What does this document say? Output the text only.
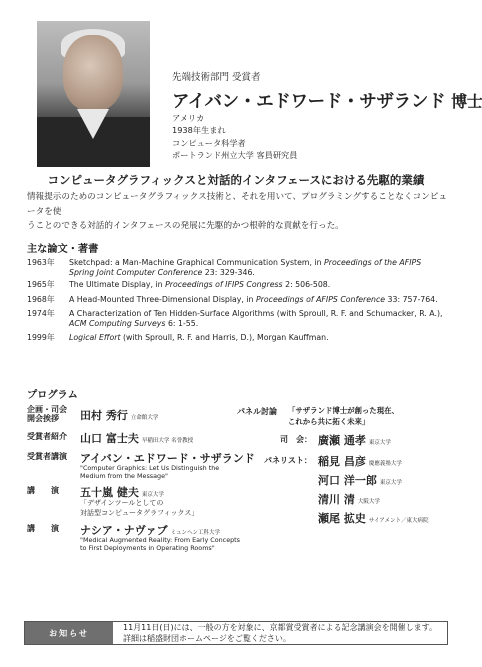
先端技術部門 受賞者
アイバン・エドワード・サザランド 博士
アメリカ
1938年生まれ
コンピュータ科学者
ポートランド州立大学 客員研究員
コンピュータグラフィックスと対話的インタフェースにおける先駆的業績
情報提示のためのコンピュータグラフィックス技術と、それを用いて、プログラミングすることなくコンピュータを使
うことのできる対話的インタフェースの発展に先駆的かつ根幹的な貢献を行った。
主な論文・著書
1963年	Sketchpad: a Man-Machine Graphical Communication System, in Proceedings of the AFIPS Spring Joint Computer Conference 23: 329-346.
1965年	The Ultimate Display, in Proceedings of IFIPS Congress 2: 506-508.
1968年	A Head-Mounted Three-Dimensional Display, in Proceedings of AFIPS Conference 33: 757-764.
1974年	A Characterization of Ten Hidden-Surface Algorithms (with Sproull, R. F. and Schumacker, R. A.), ACM Computing Surveys 6: 1-55.
1999年	Logical Effort (with Sproull, R. F. and Harris, D.), Morgan Kauffman.
プログラム
企画・司会
開会挨拶	田村 秀行 立命館大学
受賞者紹介 山口 富士夫 早稲田大学 名誉教授
受賞者講演 アイバン・エドワード・サザランド
"Computer Graphics: Let Us Distinguish the
Medium from the Message"
講　　演 五十嵐 健夫 東京大学
「デザインツールとしての
対話型コンピュータグラフィックス」
講　　演 ナシア・ナヴァブ ミュンヘン工科大学
"Medical Augmented Reality: From Early Concepts
to First Deployments in Operating Rooms"
パネル討論 「サザランド博士が創った現在、
これから共に拓く未来」
司　会： 廣瀬 通孝 東京大学
パネリスト： 稲見 昌彦 慶應義塾大学
河口 洋一郎 東京大学
清川 清 大阪大学
瀬尾 拡史 サイアメント／東大病院
お知らせ
11月11日(日)には、一般の方を対象に、京都賞受賞者による記念講演会を開催します。
詳細は稲盛財団ホームページをご覧ください。
